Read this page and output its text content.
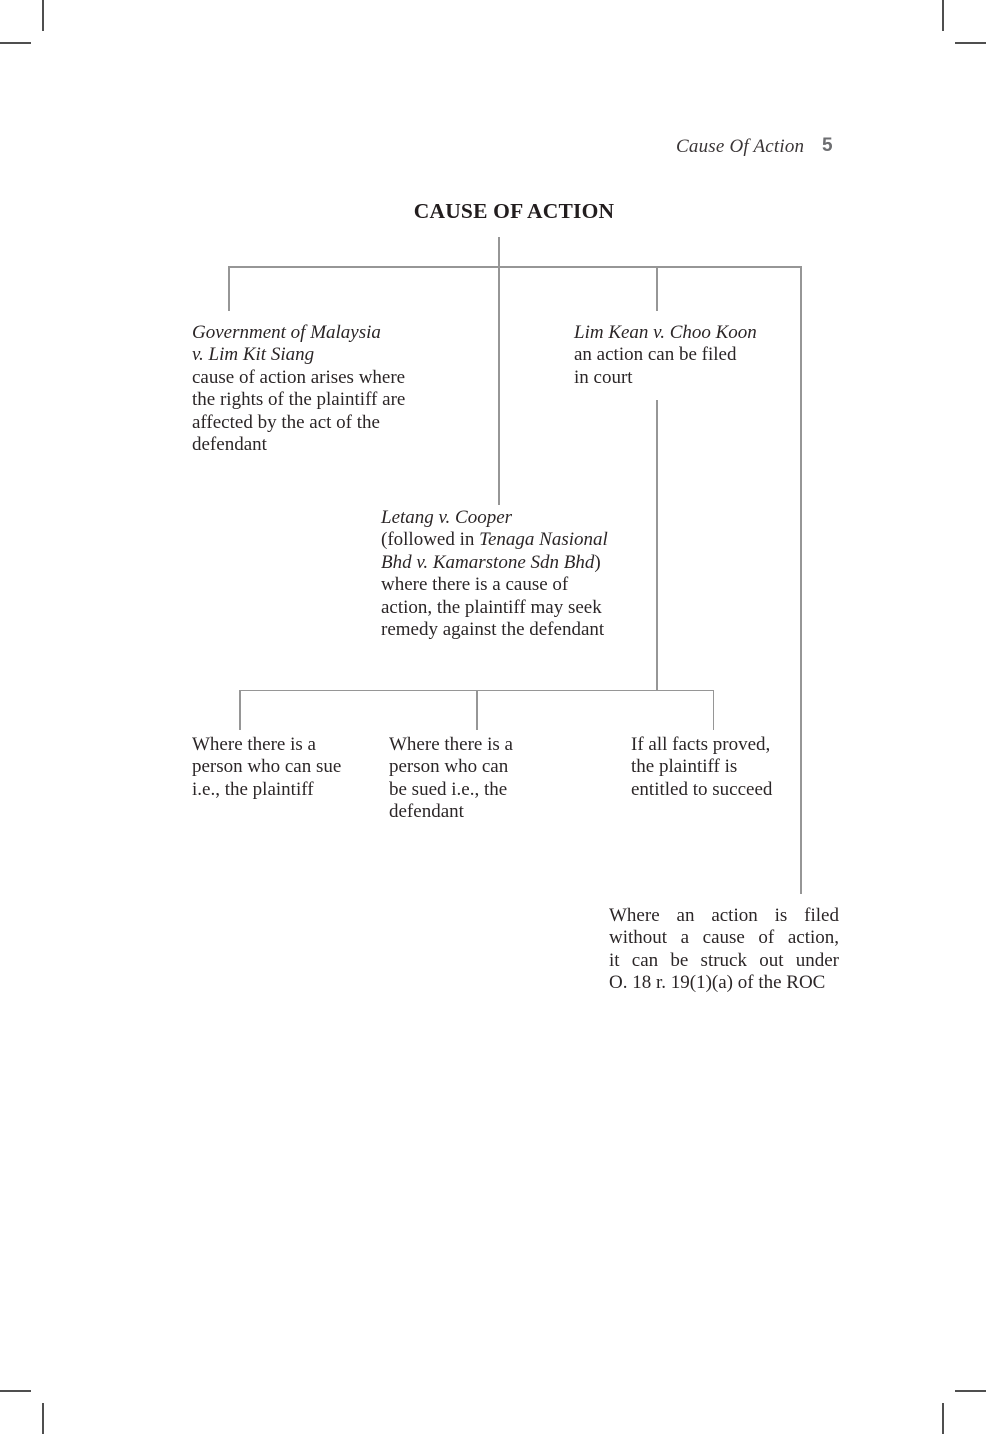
Cause Of Action 5
CAUSE OF ACTION
Government of Malaysia
v. Lim Kit Siang
cause of action arises where
the rights of the plaintiff are
affected by the act of the
defendant
Lim Kean v. Choo Koon
an action can be filed
in court
Letang v. Cooper
(followed in Tenaga Nasional
Bhd v. Kamarstone Sdn Bhd)
where there is a cause of
action, the plaintiff may seek
remedy against the defendant
Where there is a
person who can sue
i.e., the plaintiff
Where there is a
person who can
be sued i.e., the
defendant
If all facts proved,
the plaintiff is
entitled to succeed
Where an action is filed
without a cause of action,
it can be struck out under
O. 18 r. 19(1)(a) of the ROC
